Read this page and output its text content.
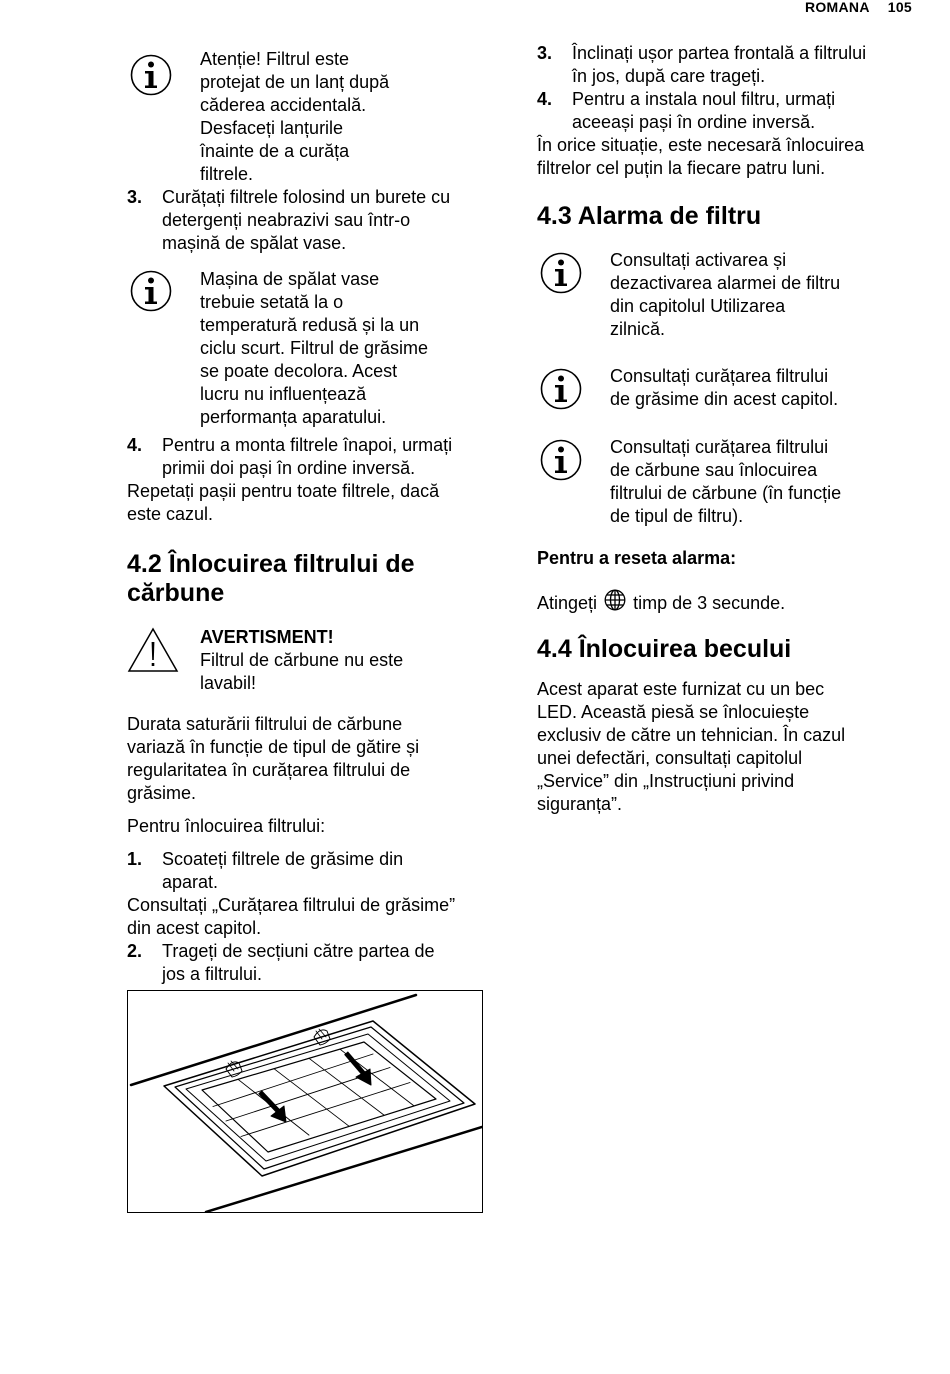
ROMANA 105

Atenție! Filtrul este

protejat de un lanț după

căderea accidentală.

Desfaceți lanțurile

înainte de a curăța

filtrele.

3. Curățați filtrele folosind un burete cu

detergenți neabrazivi sau într-o

mașină de spălat vase.

Mașina de spălat vase

trebuie setată la o

temperatură redusă și la un

ciclu scurt. Filtrul de grăsime

se poate decolora. Acest

lucru nu influențează

performanța aparatului.

4. Pentru a monta filtrele înapoi, urmați

primii doi pași în ordine inversă.

Repetați pașii pentru toate filtrele, dacă

este cazul.

4.2 Înlocuirea filtrului de
cărbune

AVERTISMENT!

Filtrul de cărbune nu este

lavabil!

Durata saturării filtrului de cărbune

variază în funcție de tipul de gătire și

regularitatea în curățarea filtrului de

grăsime.

Pentru înlocuirea filtrului:

1. Scoateți filtrele de grăsime din

aparat.

Consultați „Curățarea filtrului de grăsime”

din acest capitol.

2. Trageți de secțiuni către partea de

jos a filtrului.

3. Înclinați ușor partea frontală a filtrului

în jos, după care trageți.

4. Pentru a instala noul filtru, urmați

aceeași pași în ordine inversă.

În orice situație, este necesară înlocuirea

filtrelor cel puțin la fiecare patru luni.

4.3 Alarma de filtru

Consultați activarea și

dezactivarea alarmei de filtru

din capitolul Utilizarea

zilnică.

Consultați curățarea filtrului

de grăsime din acest capitol.

Consultați curățarea filtrului

de cărbune sau înlocuirea

filtrului de cărbune (în funcție

de tipul de filtru).

Pentru a reseta alarma:

Atingeți timp de 3 secunde.

4.4 Înlocuirea becului

Acest aparat este furnizat cu un bec

LED. Această piesă se înlocuiește

exclusiv de către un tehnician. În cazul

unei defectări, consultați capitolul

„Service” din „Instrucțiuni privind

siguranța”.
